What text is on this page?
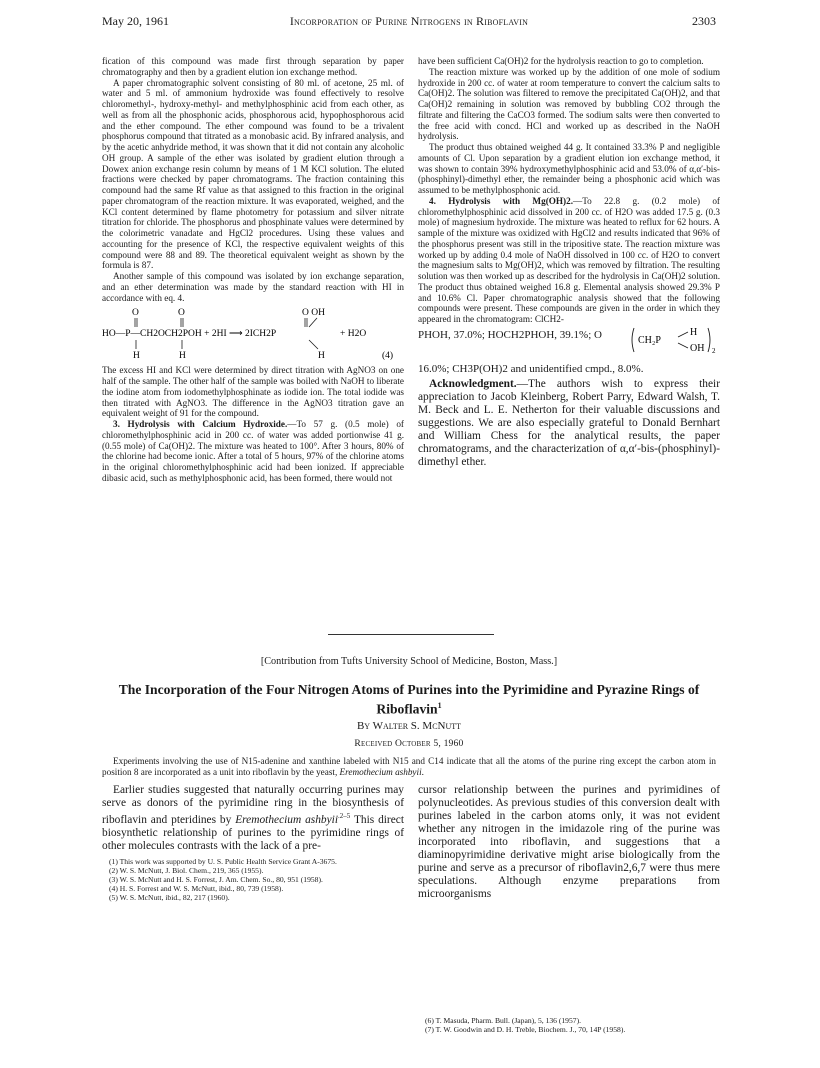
May 20, 1961	Incorporation of Purine Nitrogens in Riboflavin	2303

fication of this compound was made first through separation by paper chromatography and then by a gradient elution ion exchange method.

A paper chromatographic solvent consisting of 80 ml. of acetone, 25 ml. of water and 5 ml. of ammonium hydroxide was found effectively to resolve chloromethyl-, hydroxy-methyl- and methylphosphinic acid from each other, as well as from all the phosphonic acids, phosphorous acid, hypophosphorous acid and the ether compound. The ether compound was found to be a trivalent phosphorus compound that titrated as a monobasic acid. By infrared analysis, and by the acetic anhydride method, it was shown that it did not contain any alcoholic OH group. A sample of the ether was isolated by gradient elution through a Dowex anion exchange resin column by means of 1 M KCl solution. The eluted fractions were checked by paper chromatograms. The fraction containing this compound had the same Rf value as that assigned to this fraction in the original paper chromatogram of the reaction mixture. It was evaporated, weighed, and the KCl content determined by flame photometry for potassium and silver nitrate titration for chloride. The phosphorus and phosphinate values were determined by the colorimetric vanadate and HgCl2 procedures. Using these values and accounting for the presence of KCl, the respective equivalent weights of this compound were 88 and 89. The theoretical equivalent weight as shown by the formula is 87.

Another sample of this compound was isolated by ion exchange separation, and an ether determination was made by the standard reaction with HI in accordance with eq. 4.

O	O	O OH
HO—P—CH2OCH2POH + 2HI ⟶ 2ICH2P	+ H2O
H	H	H	(4)

The excess HI and KCl were determined by direct titration with AgNO3 on one half of the sample. The other half of the sample was boiled with NaOH to liberate the iodine atom from iodomethylphosphinate as iodide ion. The total iodide was then titrated with AgNO3. The difference in the AgNO3 titration gave an equivalent weight of 91 for the compound.

3. Hydrolysis with Calcium Hydroxide.—To 57 g. (0.5 mole) of chloromethylphosphinic acid in 200 cc. of water was added portionwise 41 g. (0.55 mole) of Ca(OH)2. The mixture was heated to 100°. After 3 hours, 80% of the chlorine had become ionic. After a total of 5 hours, 97% of the chlorine atoms in the original chloromethylphosphinic acid had been ionized. If appreciable dibasic acid, such as methylphosphonic acid, has been formed, there would not

have been sufficient Ca(OH)2 for the hydrolysis reaction to go to completion.

The reaction mixture was worked up by the addition of one mole of sodium hydroxide in 200 cc. of water at room temperature to convert the calcium salts to Ca(OH)2. The solution was filtered to remove the precipitated Ca(OH)2, and that Ca(OH)2 remaining in solution was removed by bubbling CO2 through the filtrate and filtering the CaCO3 formed. The sodium salts were then converted to the free acid with concd. HCl and worked up as described in the NaOH hydrolysis.

The product thus obtained weighed 44 g. It contained 33.3% P and negligible amounts of Cl. Upon separation by a gradient elution ion exchange method, it was shown to contain 39% hydroxymethylphosphinic acid and 53.0% of α,α′-bis-(phosphinyl)-dimethyl ether, the remainder being a phosphonic acid which was assumed to be methylphosphonic acid.

4. Hydrolysis with Mg(OH)2.—To 22.8 g. (0.2 mole) of chloromethylphosphinic acid dissolved in 200 cc. of H2O was added 17.5 g. (0.3 mole) of magnesium hydroxide. The mixture was heated to reflux for 62 hours. A sample of the mixture was oxidized with HgCl2 and results indicated that 96% of the phosphorus present was still in the tripositive state. The reaction mixture was worked up by adding 0.4 mole of NaOH dissolved in 100 cc. of H2O to convert the magnesium salts to Mg(OH)2, which was removed by filtration. The resulting solution was then worked up as described for the hydrolysis in Ca(OH)2 solution. The product thus obtained weighed 16.8 g. Elemental analysis showed 29.3% P and 10.6% Cl. Paper chromatographic analysis showed that the following compounds were present. These compounds are given in the order in which they appeared in the chromatogram: ClCH2-

PHOH, 37.0%; HOCH2PHOH, 39.1%; O	CH₂P
H
OH 2

16.0%; CH3P(OH)2 and unidentified cmpd., 8.0%.

Acknowledgment.—The authors wish to express their appreciation to Jacob Kleinberg, Robert Parry, Edward Walsh, T. M. Beck and L. E. Netherton for their valuable discussions and suggestions. We are also especially grateful to Donald Bernhart and William Chess for the analytical results, the paper chromatograms, and the characterization of α,α′-bis-(phosphinyl)-dimethyl ether.

[Contribution from Tufts University School of Medicine, Boston, Mass.]
The Incorporation of the Four Nitrogen Atoms of Purines into the Pyrimidine and Pyrazine Rings of Riboflavin$^1$
By Walter S. McNutt
Received October 5, 1960
Experiments involving the use of N15-adenine and xanthine labeled with N15 and C14 indicate that all the atoms of the purine ring except the carbon atom in position 8 are incorporated as a unit into riboflavin by the yeast, Eremothecium ashbyii.

Earlier studies suggested that naturally occurring purines may serve as donors of the pyrimidine ring in the biosynthesis of riboflavin and pteridines by Eremothecium ashbyii$^{.2-5}$ This direct biosynthetic relationship of purines to the pyrimidine rings of other molecules contrasts with the lack of a pre-

(1) This work was supported by U. S. Public Health Service Grant A-3675.
(2) W. S. McNutt, J. Biol. Chem., 219, 365 (1955).
(3) W. S. McNutt and H. S. Forrest, J. Am. Chem. So., 80, 951 (1958).
(4) H. S. Forrest and W. S. McNutt, ibid., 80, 739 (1958).
(5) W. S. McNutt, ibid., 82, 217 (1960).

cursor relationship between the purines and pyrimidines of polynucleotides. As previous studies of this conversion dealt with purines labeled in the carbon atoms only, it was not evident whether any nitrogen in the imidazole ring of the purine was incorporated into riboflavin, and suggestions that a diaminopyrimidine derivative might arise biologically from the purine and serve as a precursor of riboflavin2,6,7 were thus mere speculations. Although enzyme preparations from microorganisms

(6) T. Masuda, Pharm. Bull. (Japan), 5, 136 (1957).
(7) T. W. Goodwin and D. H. Treble, Biochem. J., 70, 14P (1958).
